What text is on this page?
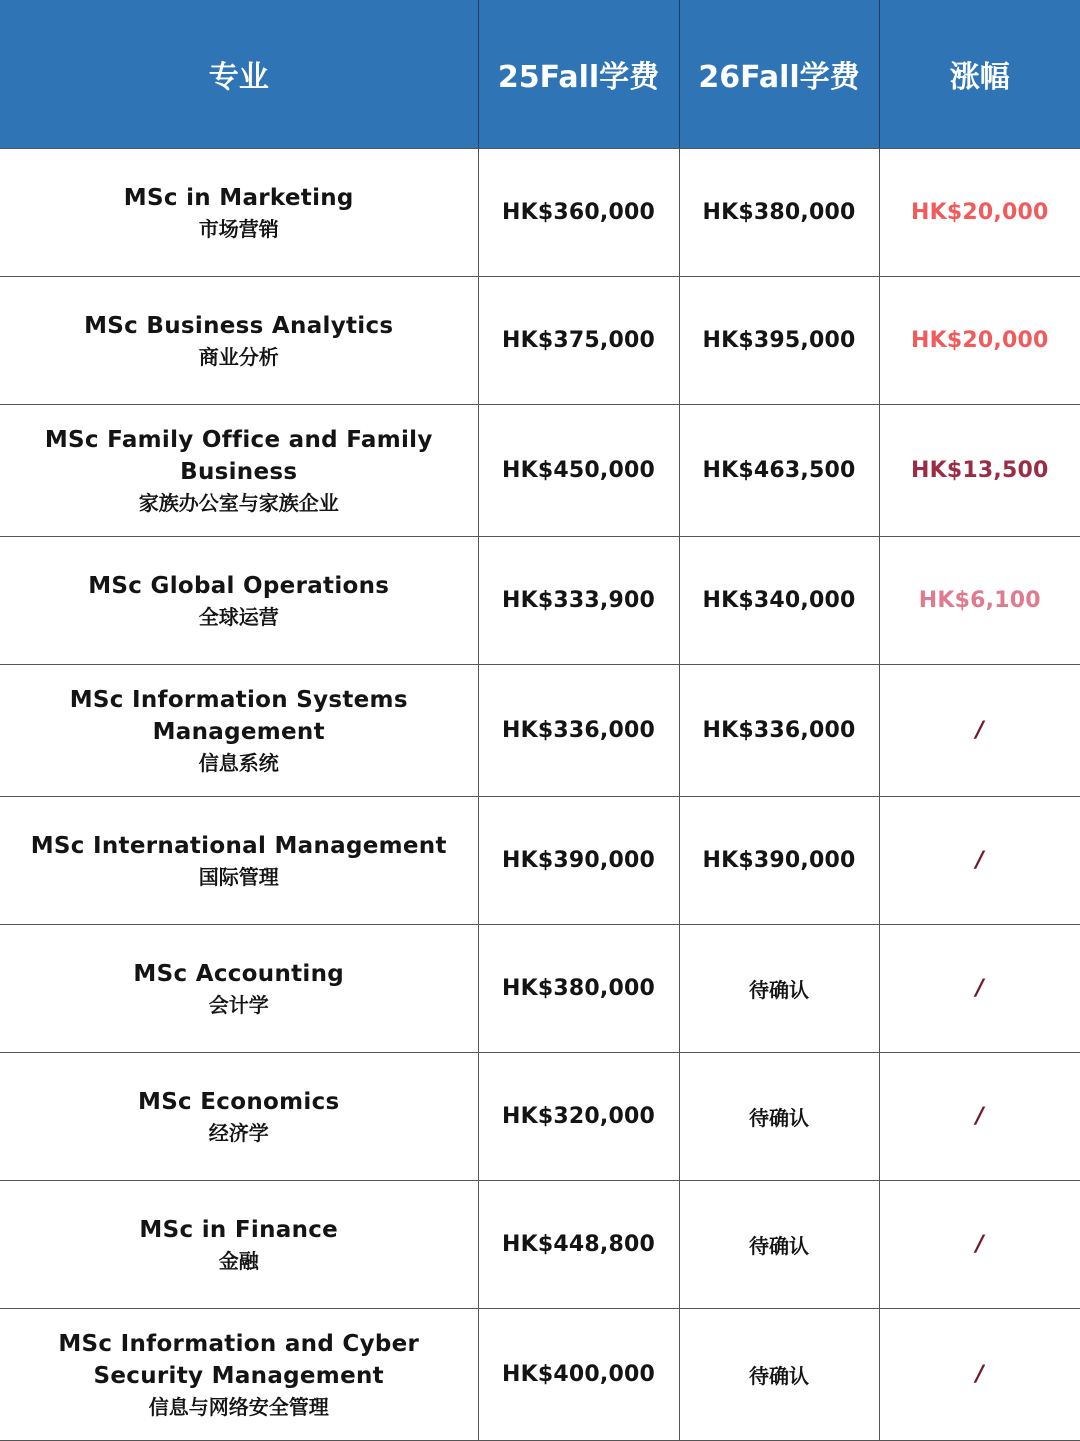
专业	25Fall学费	26Fall学费	涨幅

MSc in Marketing
市场营销	HK$360,000	HK$380,000	HK$20,000

MSc Business Analytics
商业分析	HK$375,000	HK$395,000	HK$20,000

MSc Family Office and Family Business
家族办公室与家族企业	HK$450,000	HK$463,500	HK$13,500

MSc Global Operations
全球运营	HK$333,900	HK$340,000	HK$6,100

MSc Information Systems Management
信息系统	HK$336,000	HK$336,000	/

MSc International Management
国际管理	HK$390,000	HK$390,000	/

MSc Accounting
会计学	HK$380,000	待确认	/

MSc Economics
经济学	HK$320,000	待确认	/

MSc in Finance
金融	HK$448,800	待确认	/

MSc Information and Cyber Security Management
信息与网络安全管理	HK$400,000	待确认	/
